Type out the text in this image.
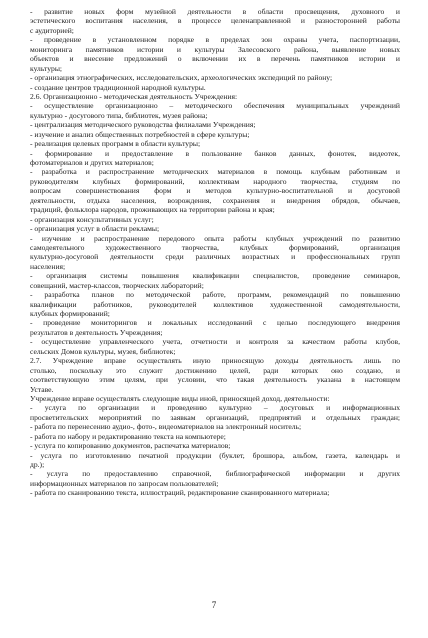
- развитие новых форм музейной деятельности в области просвещения, духовного и
эстетического воспитания населения, в процессе целенаправленной и разносторонней работы
с аудиторией;
- проведение в установленном порядке в пределах зон охраны учета, паспортизации,
мониторинга памятников истории и культуры Залесовского района, выявление новых
объектов и внесение предложений о включении их в перечень памятников истории и
культуры;
- организация этнографических, исследовательских, археологических экспедиций по району;
- создание центров традиционной народной культуры.
2.6. Организационно - методическая деятельность Учреждения:
- осуществление организационно – методического обеспечения муниципальных учреждений
культурно - досугового типа, библиотек, музея района;
- централизация методического руководства филиалами Учреждения;
- изучение и анализ общественных потребностей в сфере культуры;
- реализация целевых программ в области культуры;
- формирование и предоставление в пользование банков данных, фонотек, видеотек,
фотоматериалов и других материалов;
- разработка и распространение методических материалов в помощь клубным работникам и
руководителям клубных формирований, коллективам народного творчества, студиям по
вопросам совершенствования форм и методов культурно-воспитательной и досуговой
деятельности, отдыха населения, возрождения, сохранения и внедрения обрядов, обычаев,
традиций, фольклора народов, проживающих на территории района и края;
- организация консультативных услуг;
- организация услуг в области рекламы;
- изучение и распространение передового опыта работы клубных учреждений по развитию
самодеятельного художественного творчества, клубных формирований, организация
культурно-досуговой деятельности среди различных возрастных и профессиональных групп
населения;
- организация системы повышения квалификации специалистов, проведение семинаров,
совещаний, мастер-классов, творческих лабораторий;
- разработка планов по методической работе, программ, рекомендаций по повышению
квалификации работников, руководителей коллективов художественной самодеятельности,
клубных формирований;
- проведение мониторингов и локальных исследований с целью последующего внедрения
результатов в деятельность Учреждения;
- осуществление управленческого учета, отчетности и контроля за качеством работы клубов,
сельских Домов культуры, музея, библиотек;
2.7. Учреждение вправе осуществлять иную приносящую доходы деятельность лишь по
столько, поскольку это служит достижению целей, ради которых оно создано, и
соответствующую этим целям, при условии, что такая деятельность указана в настоящем
Уставе.
Учреждение вправе осуществлять следующие виды иной, приносящей доход, деятельности:
- услуга по организации и проведению культурно – досуговых и информационных
просветительских мероприятий по заявкам организаций, предприятий и отдельных граждан;
- работа по перенесению аудио-, фото-, видеоматериалов на электронный носитель;
- работа по набору и редактированию текста на компьютере;
- услуга по копированию документов, распечатка материалов;
- услуга по изготовлению печатной продукции (буклет, брошюра, альбом, газета, календарь и
др.);
- услуга по предоставлению справочной, библиографической информации и других
информационных материалов по запросам пользователей;
- работа по сканированию текста, иллюстраций, редактирование сканированного материала;
7
